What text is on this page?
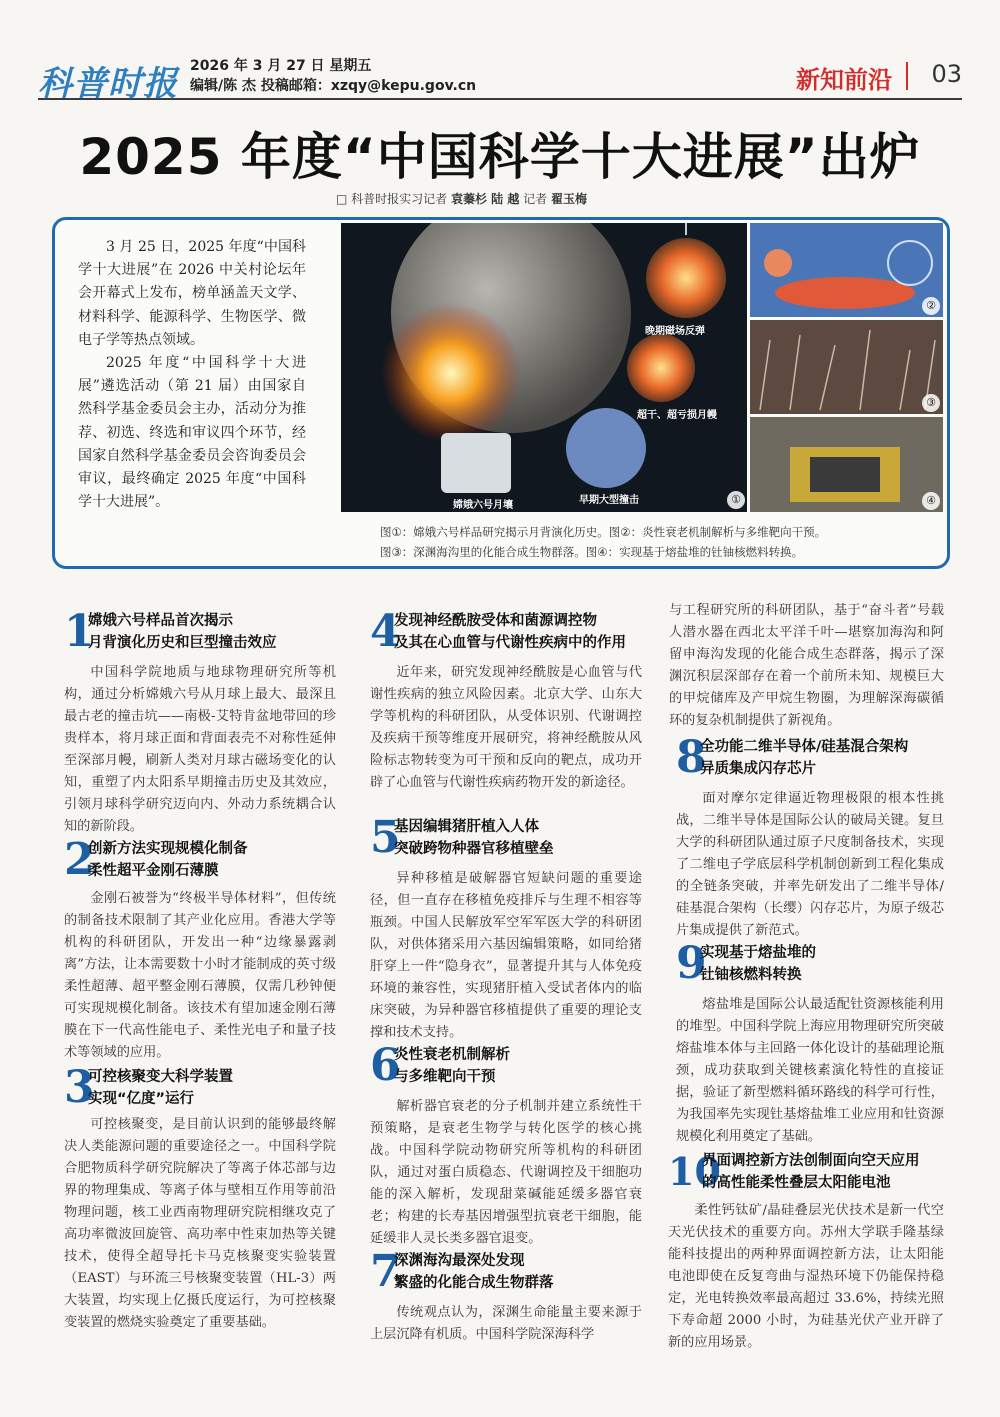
科普时报 2026 年 3 月 27 日 星期五
编辑/陈 杰 投稿邮箱：xzqy@kepu.gov.cn	新知前沿 03
2025 年度“中国科学十大进展”出炉
□ 科普时报实习记者 袁蓁杉 陆 越 记者 翟玉梅

3 月 25 日，2025 年度“中国科学十大进展”在 2026 中关村论坛年会开幕式上发布，榜单涵盖天文学、材料科学、能源科学、生物医学、微电子学等热点领域。

2025 年度“中国科学十大进展”遴选活动（第 21 届）由国家自然科学基金委员会主办，活动分为推荐、初选、终选和审议四个环节，经国家自然科学基金委员会咨询委员会审议，最终确定 2025 年度“中国科学十大进展”。

晚期磁场反弹
超干、超亏损月幔
嫦娥六号月壤	早期大型撞击	①
②
③
④
图①：嫦娥六号样品研究揭示月背演化历史。图②：炎性衰老机制解析与多维靶向干预。
图③：深渊海沟里的化能合成生物群落。图④：实现基于熔盐堆的钍铀核燃料转换。
1
嫦娥六号样品首次揭示
月背演化历史和巨型撞击效应

中国科学院地质与地球物理研究所等机构，通过分析嫦娥六号从月球上最大、最深且最古老的撞击坑——南极-艾特肯盆地带回的珍贵样本，将月球正面和背面表壳不对称性延伸至深部月幔，刷新人类对月球古磁场变化的认知，重塑了内太阳系早期撞击历史及其效应，引领月球科学研究迈向内、外动力系统耦合认知的新阶段。

2
创新方法实现规模化制备
柔性超平金刚石薄膜

金刚石被誉为“终极半导体材料”，但传统的制备技术限制了其产业化应用。香港大学等机构的科研团队，开发出一种“边缘暴露剥离”方法，让本需要数十小时才能制成的英寸级柔性超薄、超平整金刚石薄膜，仅需几秒钟便可实现规模化制备。该技术有望加速金刚石薄膜在下一代高性能电子、柔性光电子和量子技术等领域的应用。

3
可控核聚变大科学装置
实现“亿度”运行

可控核聚变，是目前认识到的能够最终解决人类能源问题的重要途径之一。中国科学院合肥物质科学研究院解决了等离子体芯部与边界的物理集成、等离子体与壁相互作用等前沿物理问题，核工业西南物理研究院相继攻克了高功率微波回旋管、高功率中性束加热等关键技术，使得全超导托卡马克核聚变实验装置（EAST）与环流三号核聚变装置（HL-3）两大装置，均实现上亿摄氏度运行，为可控核聚变装置的燃烧实验奠定了重要基础。

4
发现神经酰胺受体和菌源调控物
及其在心血管与代谢性疾病中的作用

近年来，研究发现神经酰胺是心血管与代谢性疾病的独立风险因素。北京大学、山东大学等机构的科研团队，从受体识别、代谢调控及疾病干预等维度开展研究，将神经酰胺从风险标志物转变为可干预和反向的靶点，成功开辟了心血管与代谢性疾病药物开发的新途径。

5
基因编辑猪肝植入人体
突破跨物种器官移植壁垒

异种移植是破解器官短缺问题的重要途径，但一直存在移植免疫排斥与生理不相容等瓶颈。中国人民解放军空军军医大学的科研团队，对供体猪采用六基因编辑策略，如同给猪肝穿上一件“隐身衣”，显著提升其与人体免疫环境的兼容性，实现猪肝植入受试者体内的临床突破，为异种器官移植提供了重要的理论支撑和技术支持。

6
炎性衰老机制解析
与多维靶向干预

解析器官衰老的分子机制并建立系统性干预策略，是衰老生物学与转化医学的核心挑战。中国科学院动物研究所等机构的科研团队，通过对蛋白质稳态、代谢调控及干细胞功能的深入解析，发现甜菜碱能延缓多器官衰老；构建的长寿基因增强型抗衰老干细胞，能延缓非人灵长类多器官退变。

7
深渊海沟最深处发现
繁盛的化能合成生物群落

传统观点认为，深渊生命能量主要来源于上层沉降有机质。中国科学院深海科学

与工程研究所的科研团队，基于“奋斗者”号载人潜水器在西北太平洋千叶—堪察加海沟和阿留申海沟发现的化能合成生态群落，揭示了深渊沉积层深部存在着一个前所未知、规模巨大的甲烷储库及产甲烷生物圈，为理解深海碳循环的复杂机制提供了新视角。
8
全功能二维半导体/硅基混合架构
异质集成闪存芯片

面对摩尔定律逼近物理极限的根本性挑战，二维半导体是国际公认的破局关键。复旦大学的科研团队通过原子尺度制备技术，实现了二维电子学底层科学机制创新到工程化集成的全链条突破，并率先研发出了二维半导体/硅基混合架构（长缨）闪存芯片，为原子级芯片集成提供了新范式。

9
实现基于熔盐堆的
钍铀核燃料转换

熔盐堆是国际公认最适配钍资源核能利用的堆型。中国科学院上海应用物理研究所突破熔盐堆本体与主回路一体化设计的基础理论瓶颈，成功获取到关键核素演化特性的直接证据，验证了新型燃料循环路线的科学可行性，为我国率先实现钍基熔盐堆工业应用和钍资源规模化利用奠定了基础。

10
界面调控新方法创制面向空天应用
的高性能柔性叠层太阳能电池

柔性钙钛矿/晶硅叠层光伏技术是新一代空天光伏技术的重要方向。苏州大学联手隆基绿能科技提出的两种界面调控新方法，让太阳能电池即使在反复弯曲与湿热环境下仍能保持稳定，光电转换效率最高超过 33.6%，持续光照下寿命超 2000 小时，为硅基光伏产业开辟了新的应用场景。
